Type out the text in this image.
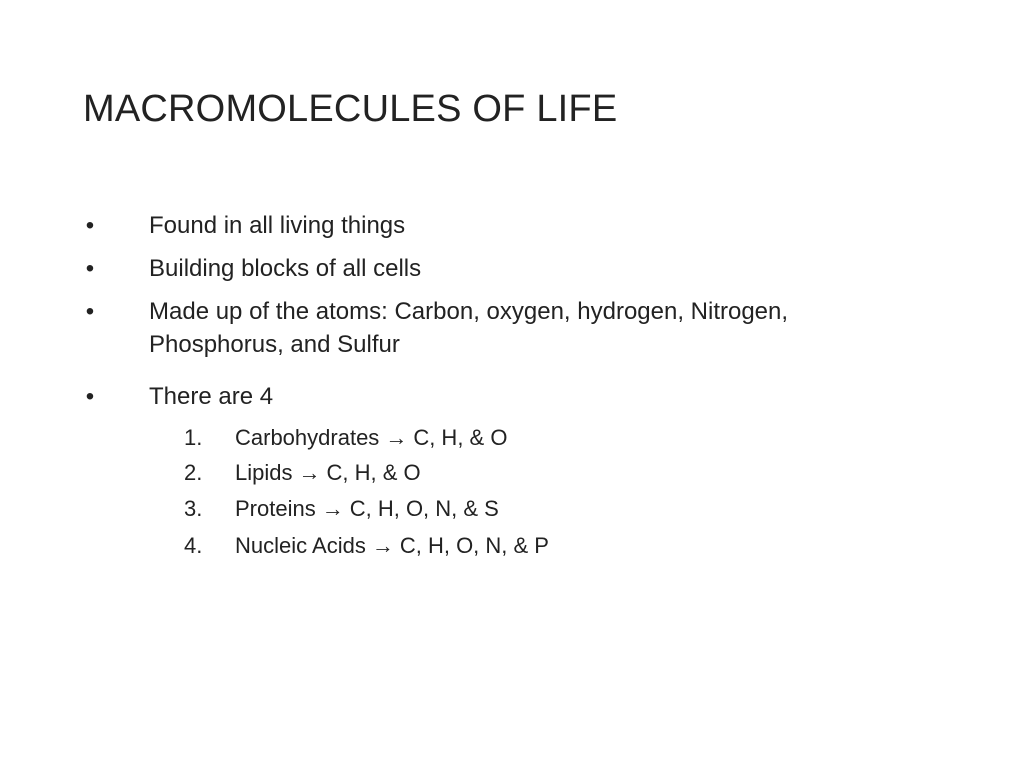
MACROMOLECULES OF LIFE
• Found in all living things
• Building blocks of all cells
• Made up of the atoms: Carbon, oxygen, hydrogen, Nitrogen, Phosphorus, and Sulfur
• There are 4
1. Carbohydrates → C, H, & O
2. Lipids → C, H, & O
3. Proteins → C, H, O, N, & S
4. Nucleic Acids → C, H, O, N, & P
